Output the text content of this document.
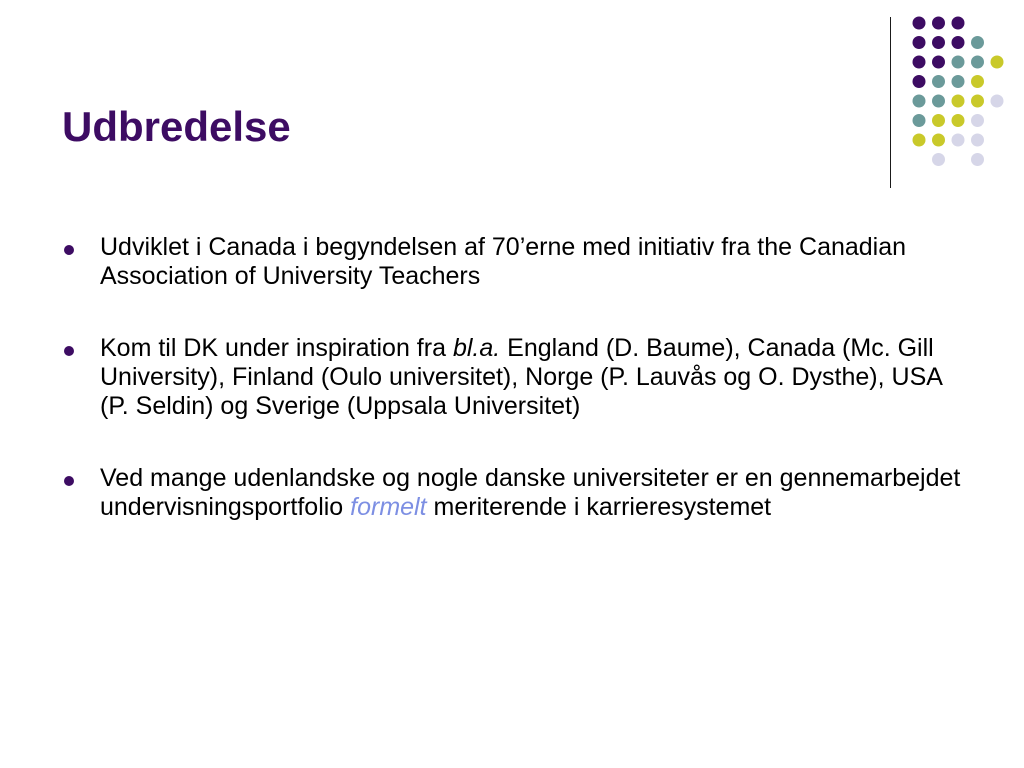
Udbredelse
Udviklet i Canada i begyndelsen af 70’erne med initiativ fra the Canadian Association of University Teachers
Kom til DK under inspiration fra bl.a. England (D. Baume), Canada (Mc. Gill University), Finland (Oulo universitet), Norge (P. Lauvås og O. Dysthe), USA (P. Seldin) og Sverige (Uppsala Universitet)
Ved mange udenlandske og nogle danske universiteter er en gennemarbejdet undervisningsportfolio formelt meriterende i karrieresystemet
